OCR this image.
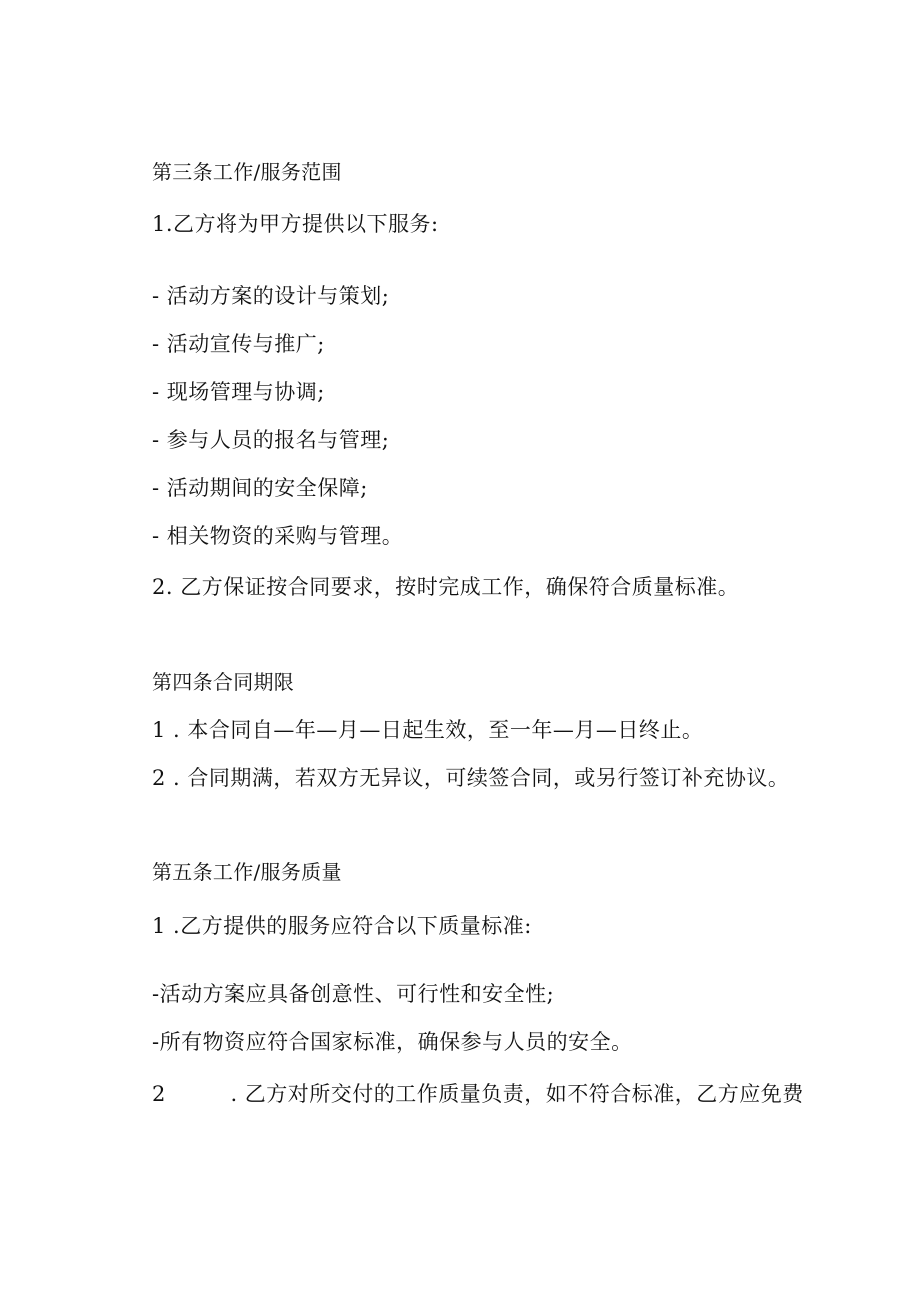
第三条工作/服务范围
1.乙方将为甲方提供以下服务:
- 活动方案的设计与策划;
- 活动宣传与推广;
- 现场管理与协调;
- 参与人员的报名与管理;
- 活动期间的安全保障;
- 相关物资的采购与管理。
2. 乙方保证按合同要求，按时完成工作，确保符合质量标准。
第四条合同期限
1 . 本合同自—年—月—日起生效，至一年—月—日终止。
2 . 合同期满，若双方无异议，可续签合同，或另行签订补充协议。
第五条工作/服务质量
1 .乙方提供的服务应符合以下质量标准:
-活动方案应具备创意性、可行性和安全性;
-所有物资应符合国家标准，确保参与人员的安全。
2         . 乙方对所交付的工作质量负责，如不符合标准，乙方应免费
